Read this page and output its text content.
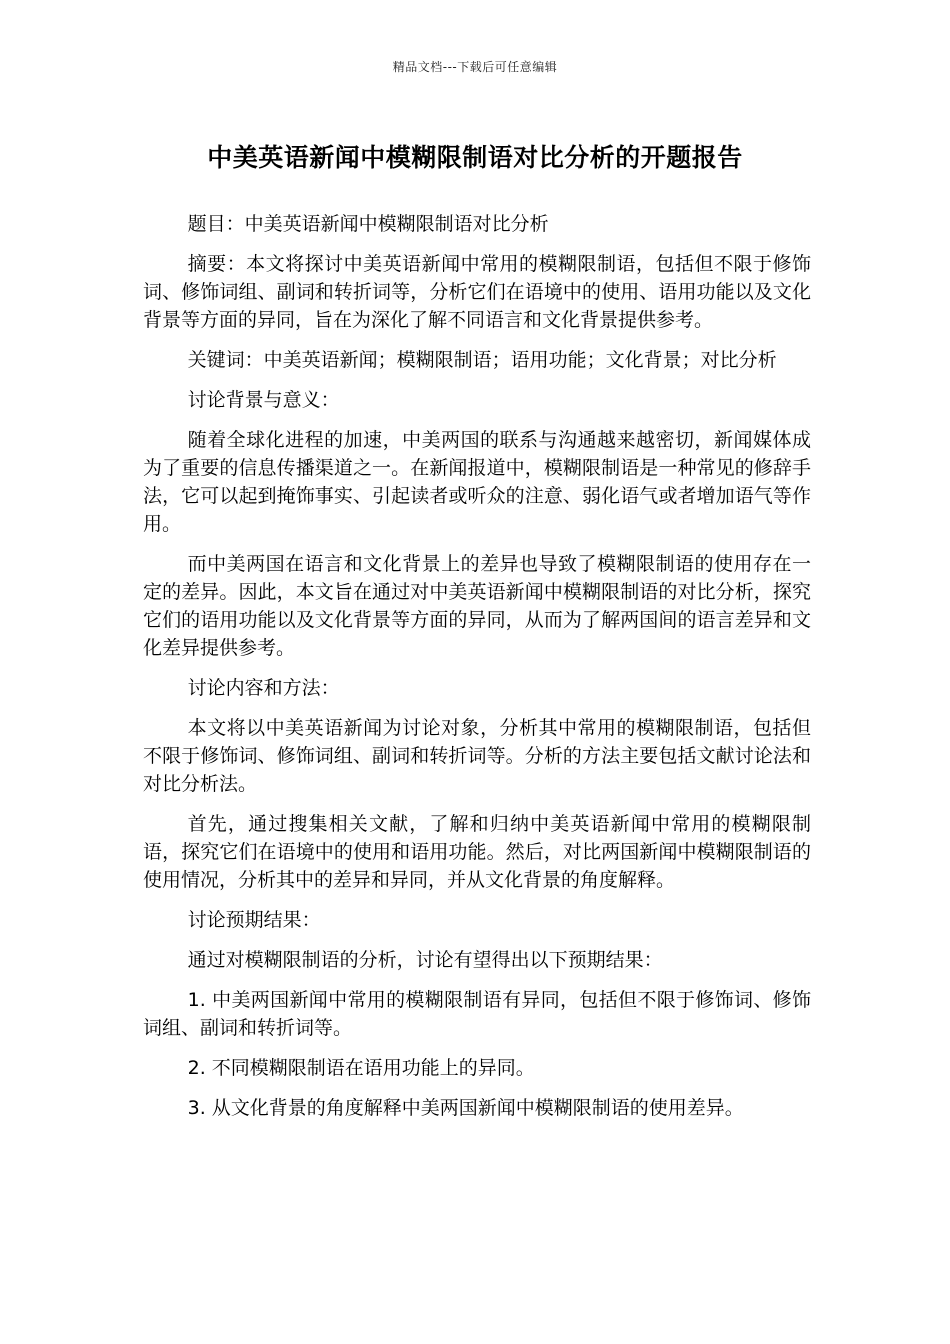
精品文档---下载后可任意编辑
中美英语新闻中模糊限制语对比分析的开题报告

题目：中美英语新闻中模糊限制语对比分析

摘要：本文将探讨中美英语新闻中常用的模糊限制语，包括但不限于修饰词、修饰词组、副词和转折词等，分析它们在语境中的使用、语用功能以及文化背景等方面的异同，旨在为深化了解不同语言和文化背景提供参考。

关键词：中美英语新闻；模糊限制语；语用功能；文化背景；对比分析

讨论背景与意义：

随着全球化进程的加速，中美两国的联系与沟通越来越密切，新闻媒体成为了重要的信息传播渠道之一。在新闻报道中，模糊限制语是一种常见的修辞手法，它可以起到掩饰事实、引起读者或听众的注意、弱化语气或者增加语气等作用。

而中美两国在语言和文化背景上的差异也导致了模糊限制语的使用存在一定的差异。因此，本文旨在通过对中美英语新闻中模糊限制语的对比分析，探究它们的语用功能以及文化背景等方面的异同，从而为了解两国间的语言差异和文化差异提供参考。

讨论内容和方法：

本文将以中美英语新闻为讨论对象，分析其中常用的模糊限制语，包括但不限于修饰词、修饰词组、副词和转折词等。分析的方法主要包括文献讨论法和对比分析法。

首先，通过搜集相关文献，了解和归纳中美英语新闻中常用的模糊限制语，探究它们在语境中的使用和语用功能。然后，对比两国新闻中模糊限制语的使用情况，分析其中的差异和异同，并从文化背景的角度解释。

讨论预期结果：

通过对模糊限制语的分析，讨论有望得出以下预期结果：

1. 中美两国新闻中常用的模糊限制语有异同，包括但不限于修饰词、修饰词组、副词和转折词等。

2. 不同模糊限制语在语用功能上的异同。

3. 从文化背景的角度解释中美两国新闻中模糊限制语的使用差异。
